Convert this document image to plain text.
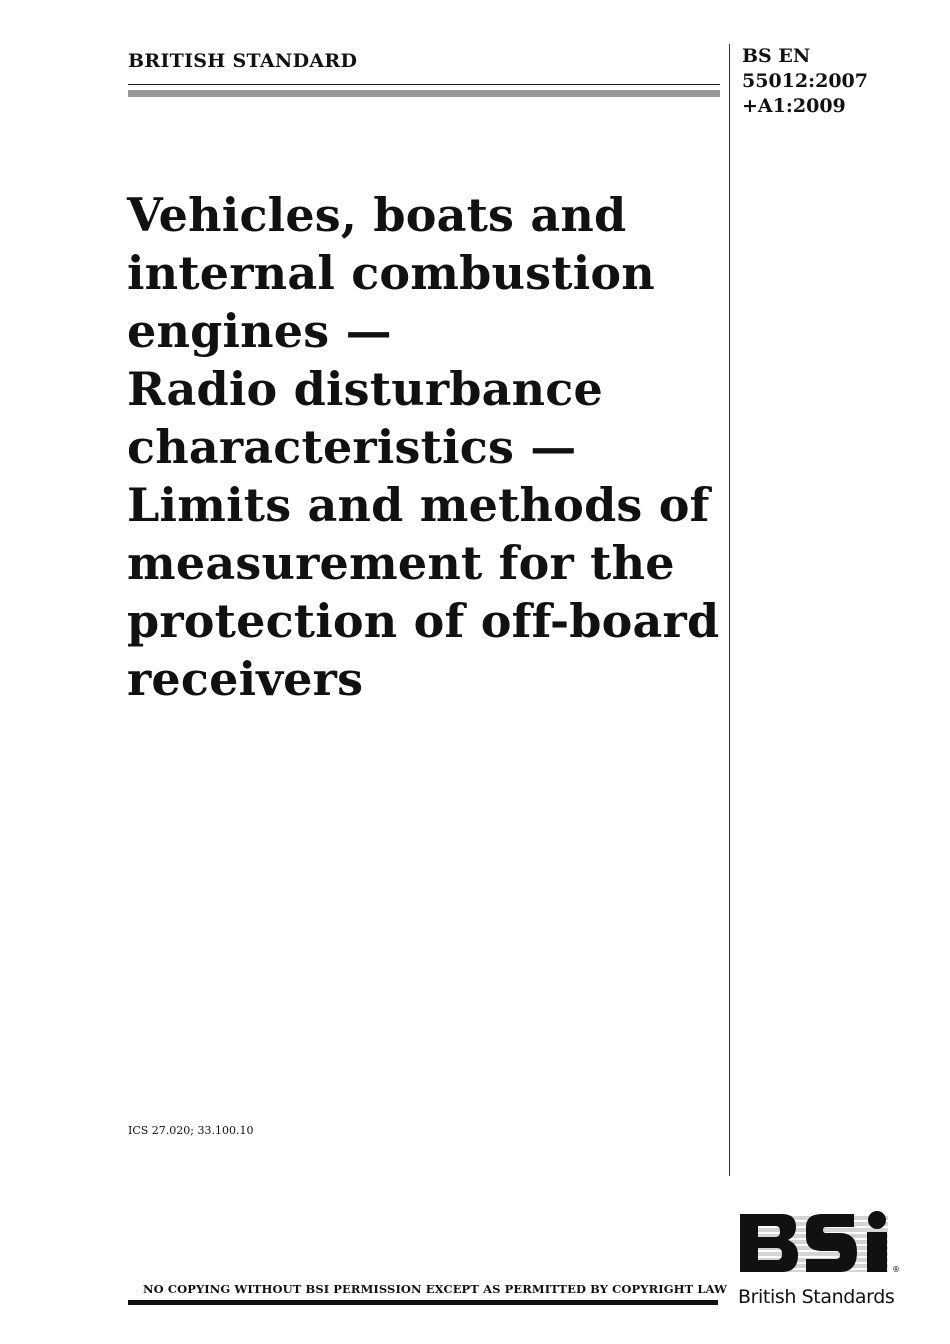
BRITISH STANDARD	BS EN
55012:2007
+A1:2009
Vehicles, boats and
internal combustion
engines —
Radio disturbance
characteristics —
Limits and methods of
measurement for the
protection of off-board
receivers
ICS 27.020; 33.100.10
NO COPYING WITHOUT BSI PERMISSION EXCEPT AS PERMITTED BY COPYRIGHT LAW
®
British Standards
